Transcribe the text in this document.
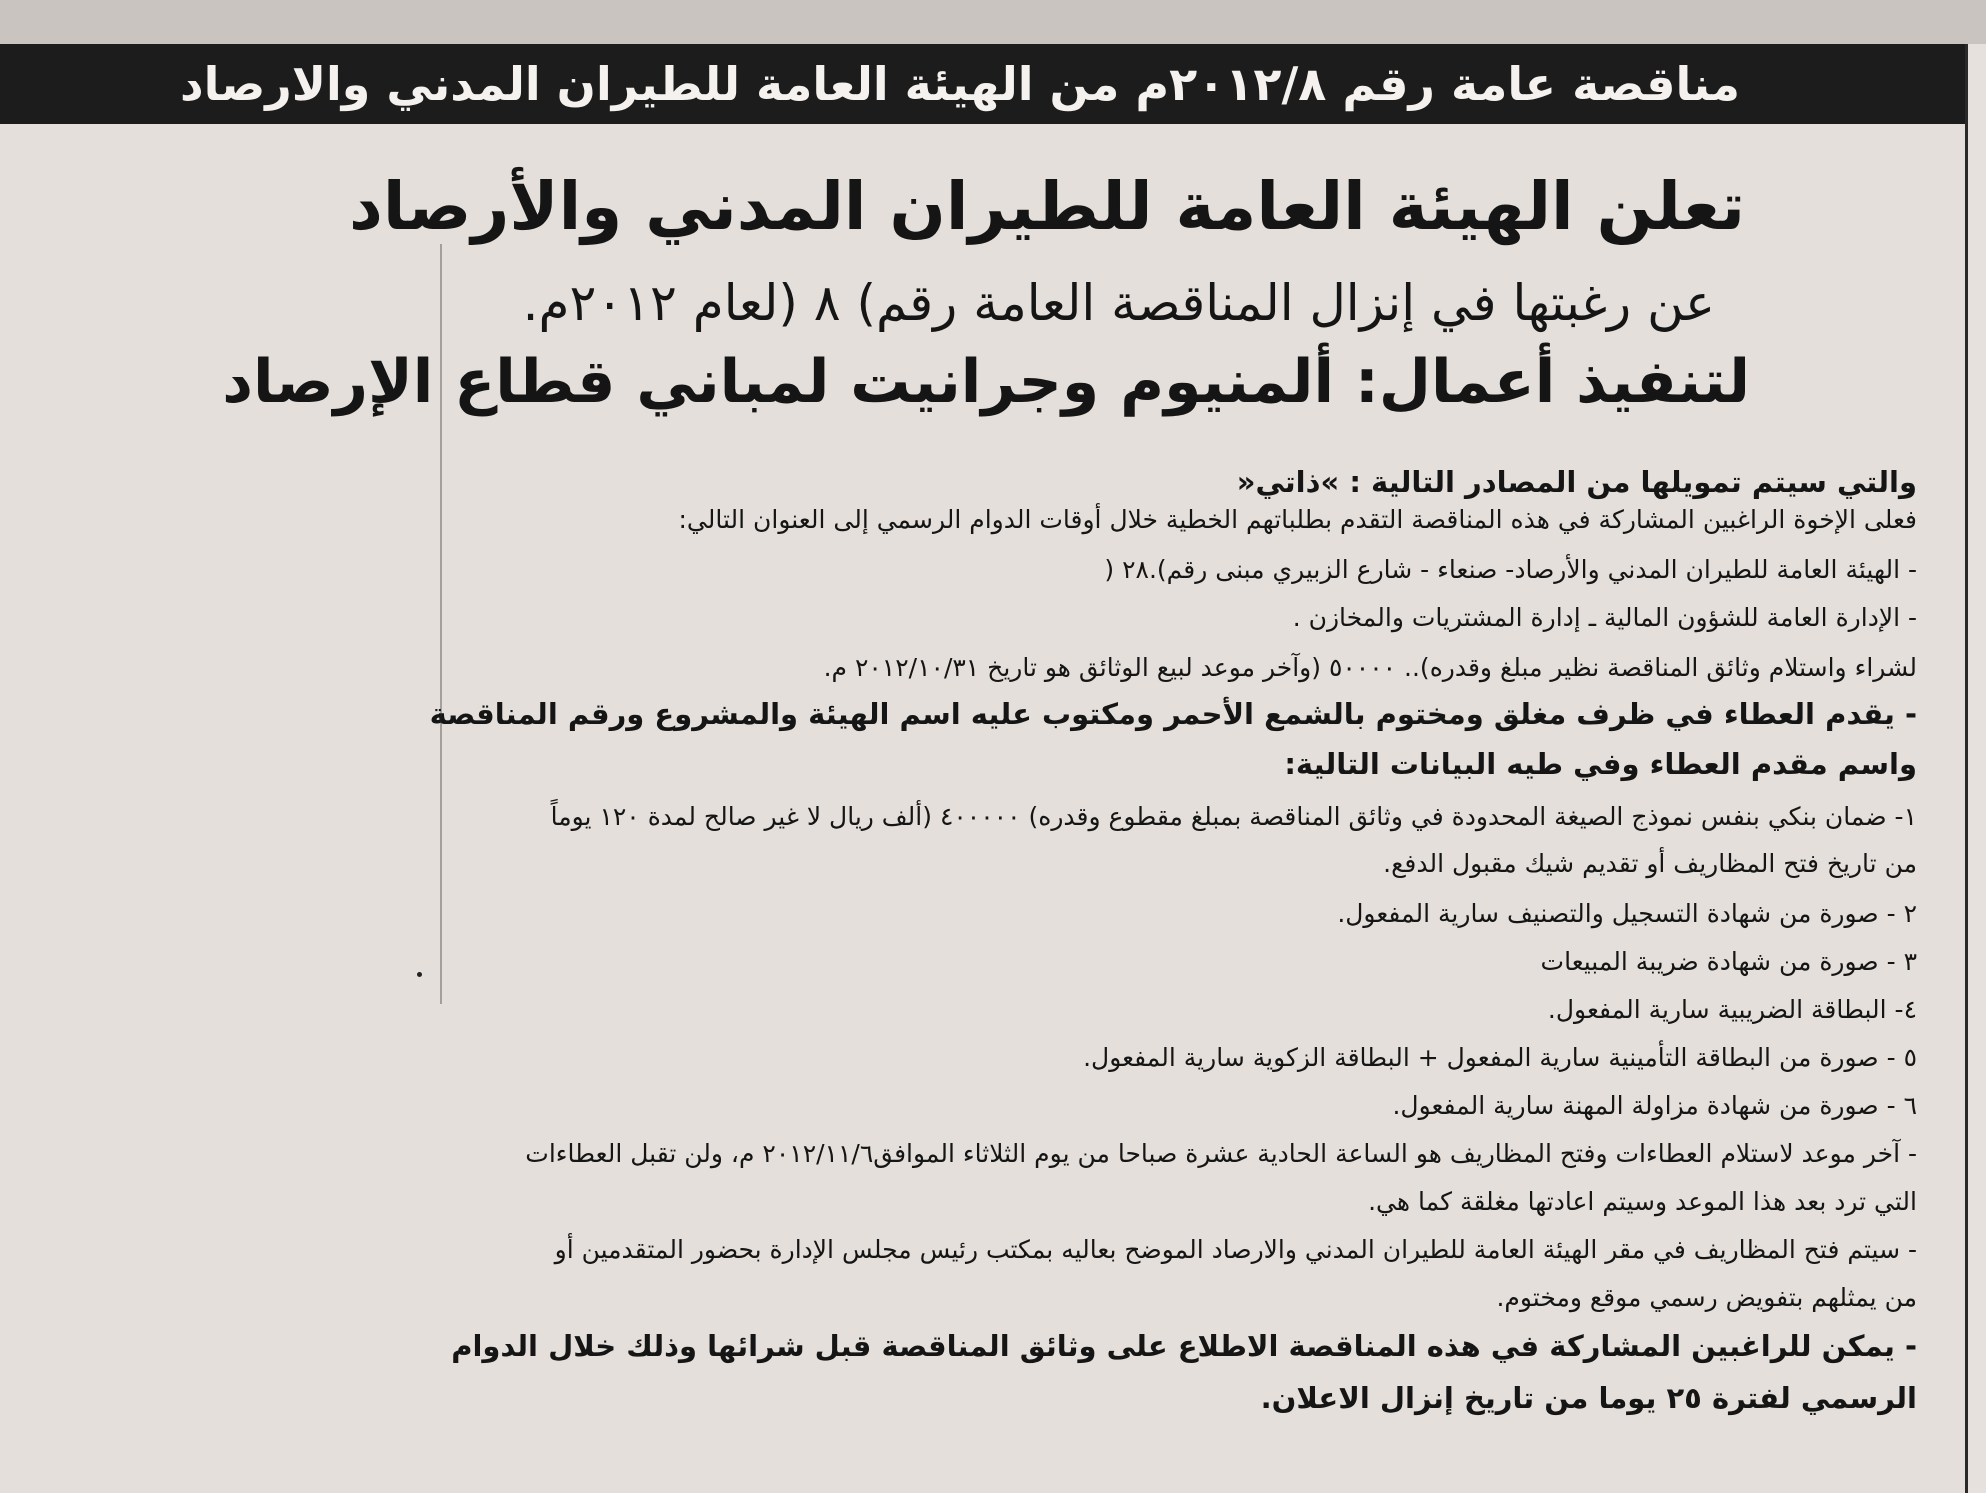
مناقصة عامة رقم ٢٠١٢/٨م من الهيئة العامة للطيران المدني والارصاد
تعلن الهيئة العامة للطيران المدني والأرصاد
عن رغبتها في إنزال المناقصة العامة رقم) ٨ (لعام ٢٠١٢م.
لتنفيذ أعمال: ألمنيوم وجرانيت لمباني قطاع الإرصاد
والتي سيتم تمويلها من المصادر التالية : »ذاتي«
فعلى الإخوة الراغبين المشاركة في هذه المناقصة التقدم بطلباتهم الخطية خلال أوقات الدوام الرسمي إلى العنوان التالي:
- الهيئة العامة للطيران المدني والأرصاد- صنعاء - شارع الزبيري مبنى رقم).٢٨ (
- الإدارة العامة للشؤون المالية ـ إدارة المشتريات والمخازن .
لشراء واستلام وثائق المناقصة نظير مبلغ وقدره).. ٥٠٠٠٠ (وآخر موعد لبيع الوثائق هو تاريخ ٢٠١٢/١٠/٣١ م.
- يقدم العطاء في ظرف مغلق ومختوم بالشمع الأحمر ومكتوب عليه اسم الهيئة والمشروع ورقم المناقصة
واسم مقدم العطاء وفي طيه البيانات التالية:
١- ضمان بنكي بنفس نموذج الصيغة المحدودة في وثائق المناقصة بمبلغ مقطوع وقدره) ٤٠٠٠٠٠ (ألف ريال لا غير صالح لمدة ١٢٠ يوماً
من تاريخ فتح المظاريف أو تقديم شيك مقبول الدفع.
٢ - صورة من شهادة التسجيل والتصنيف سارية المفعول.
٣ - صورة من شهادة ضريبة المبيعات
٤- البطاقة الضريبية سارية المفعول.
٥ - صورة من البطاقة التأمينية سارية المفعول + البطاقة الزكوية سارية المفعول.
٦ - صورة من شهادة مزاولة المهنة سارية المفعول.
- آخر موعد لاستلام العطاءات وفتح المظاريف هو الساعة الحادية عشرة صباحا من يوم الثلاثاء الموافق٢٠١٢/١١/٦ م، ولن تقبل العطاءات
التي ترد بعد هذا الموعد وسيتم اعادتها مغلقة كما هي.
- سيتم فتح المظاريف في مقر الهيئة العامة للطيران المدني والارصاد الموضح بعاليه بمكتب رئيس مجلس الإدارة بحضور المتقدمين أو
من يمثلهم بتفويض رسمي موقع ومختوم.
- يمكن للراغبين المشاركة في هذه المناقصة الاطلاع على وثائق المناقصة قبل شرائها وذلك خلال الدوام
الرسمي لفترة ٢٥ يوما من تاريخ إنزال الاعلان.
